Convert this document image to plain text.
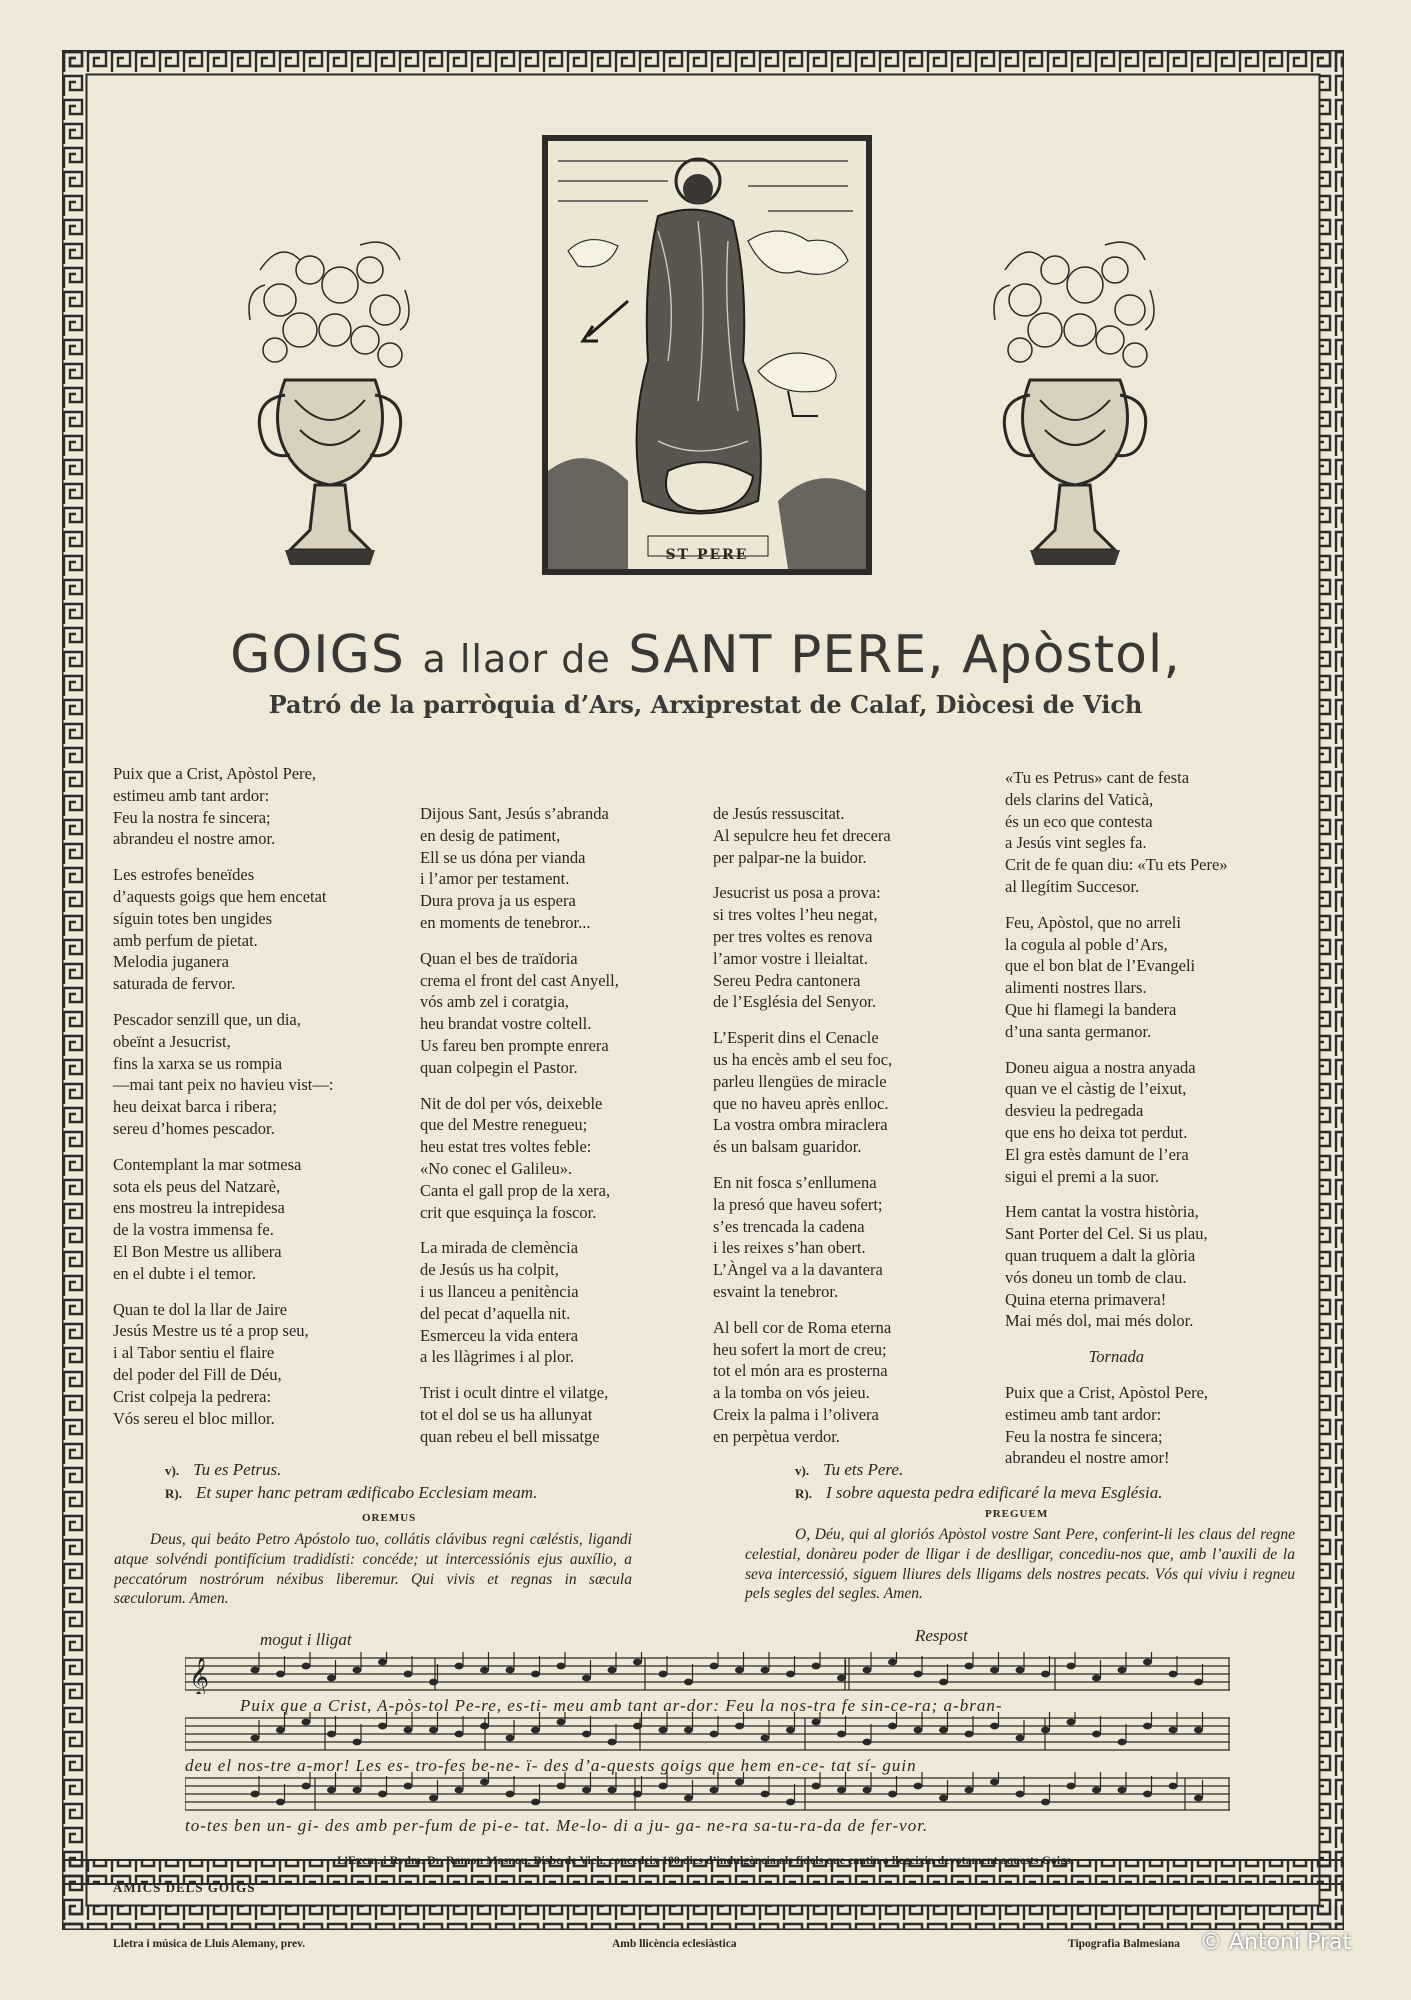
ST PERE
GOIGS a llaor de SANT PERE, Apòstol,
Patró de la parròquia d’Ars, Arxiprestat de Calaf, Diòcesi de Vich
Puix que a Crist, Apòstol Pere,
estimeu amb tant ardor:
Feu la nostra fe sincera;
abrandeu el nostre amor.
Les estrofes beneïdes
d’aquests goigs que hem encetat
síguin totes ben ungides
amb perfum de pietat.
Melodia juganera
saturada de fervor.
Pescador senzill que, un dia,
obeïnt a Jesucrist,
fins la xarxa se us rompia
—mai tant peix no havieu vist—:
heu deixat barca i ribera;
sereu d’homes pescador.
Contemplant la mar sotmesa
sota els peus del Natzarè,
ens mostreu la intrepidesa
de la vostra immensa fe.
El Bon Mestre us allibera
en el dubte i el temor.
Quan te dol la llar de Jaire
Jesús Mestre us té a prop seu,
i al Tabor sentiu el flaire
del poder del Fill de Déu,
Crist colpeja la pedrera:
Vós sereu el bloc millor.
Dijous Sant, Jesús s’abranda
en desig de patiment,
Ell se us dóna per vianda
i l’amor per testament.
Dura prova ja us espera
en moments de tenebror...
Quan el bes de traïdoria
crema el front del cast Anyell,
vós amb zel i coratgia,
heu brandat vostre coltell.
Us fareu ben prompte enrera
quan colpegin el Pastor.
Nit de dol per vós, deixeble
que del Mestre renegueu;
heu estat tres voltes feble:
«No conec el Galileu».
Canta el gall prop de la xera,
crit que esquinça la foscor.
La mirada de clemència
de Jesús us ha colpit,
i us llanceu a penitència
del pecat d’aquella nit.
Esmerceu la vida entera
a les llàgrimes i al plor.
Trist i ocult dintre el vilatge,
tot el dol se us ha allunyat
quan rebeu el bell missatge
de Jesús ressuscitat.
Al sepulcre heu fet drecera
per palpar-ne la buidor.
Jesucrist us posa a prova:
si tres voltes l’heu negat,
per tres voltes es renova
l’amor vostre i lleialtat.
Sereu Pedra cantonera
de l’Església del Senyor.
L’Esperit dins el Cenacle
us ha encès amb el seu foc,
parleu llengües de miracle
que no haveu après enlloc.
La vostra ombra miraclera
és un balsam guaridor.
En nit fosca s’enllumena
la presó que haveu sofert;
s’es trencada la cadena
i les reixes s’han obert.
L’Àngel va a la davantera
esvaint la tenebror.
Al bell cor de Roma eterna
heu sofert la mort de creu;
tot el món ara es prosterna
a la tomba on vós jeieu.
Creix la palma i l’olivera
en perpètua verdor.
«Tu es Petrus» cant de festa
dels clarins del Vaticà,
és un eco que contesta
a Jesús vint segles fa.
Crit de fe quan diu: «Tu ets Pere»
al llegítim Succesor.
Feu, Apòstol, que no arreli
la cogula al poble d’Ars,
que el bon blat de l’Evangeli
alimenti nostres llars.
Que hi flamegi la bandera
d’una santa germanor.
Doneu aigua a nostra anyada
quan ve el càstig de l’eixut,
desvieu la pedregada
que ens ho deixa tot perdut.
El gra estès damunt de l’era
sigui el premi a la suor.
Hem cantat la vostra història,
Sant Porter del Cel. Si us plau,
quan truquem a dalt la glòria
vós doneu un tomb de clau.
Quina eterna primavera!
Mai més dol, mai més dolor.
Tornada
Puix que a Crist, Apòstol Pere,
estimeu amb tant ardor:
Feu la nostra fe sincera;
abrandeu el nostre amor!
v). Tu es Petrus.
R). Et super hanc petram ædificabo Ecclesiam meam.
OREMUS
Deus, qui beáto Petro Apóstolo tuo, collátis clávibus regni cæléstis, ligandi atque solvéndi pontifícium tradidísti: concéde; ut intercessiónis ejus auxílio, a peccatórum nostrórum néxibus liberemur. Qui vivis et regnas in sæcula sæculorum. Amen.
v). Tu ets Pere.
R). I sobre aquesta pedra edificaré la meva Església.
PREGUEM
O, Déu, qui al gloriós Apòstol vostre Sant Pere, conferint-li les claus del regne celestial, donàreu poder de lligar i de deslligar, concediu-nos que, amb l’auxili de la seva intercessió, siguem lliures dels lligams dels nostres pecats. Vós qui viviu i regneu pels segles del segles. Amen.
mogut i lligat	Respost
𝄞
Puix que a Crist, A-pòs-tol Pe-re, es-ti- meu amb tant ar-dor: Feu la nos-tra fe sin-ce-ra; a-bran-
deu el nos-tre a-mor! Les es- tro-fes be-ne- ï- des d’a-quests goigs que hem en-ce- tat sí- guin
to-tes ben un- gi- des amb per-fum de pi-e- tat. Me-lo- di a ju- ga- ne-ra sa-tu-ra-da de fer-vor.
L’Excm. i Rvdm. Dr. Ramon Masnou, Bisbe de Vich, concedeix 100 dies d’indulgència als fidels que cantin o llegeixin devotament aquests Goigs.
AMICS DELS GOIGS
Lletra i música de Lluis Alemany, prev.	Amb llicència eclesiàstica	Tipografia Balmesiana © Antoni Prat
